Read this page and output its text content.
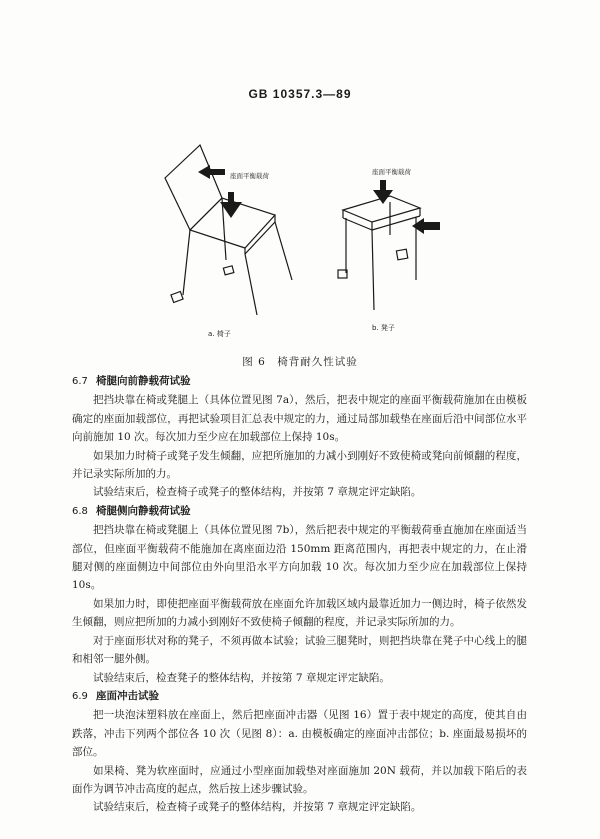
GB 10357.3—89
座面平衡载荷	座面平衡载荷
a. 椅子
b. 凳子
图 6　椅背耐久性试验

6.7 椅腿向前静载荷试验

把挡块靠在椅或凳腿上（具体位置见图 7a），然后，把表中规定的座面平衡载荷施加在由模板确定的座面加载部位，再把试验项目汇总表中规定的力，通过局部加载垫在座面后沿中间部位水平向前施加 10 次。每次加力至少应在加载部位上保持 10s。

如果加力时椅子或凳子发生倾翻，应把所施加的力减小到刚好不致使椅或凳向前倾翻的程度，并记录实际所加的力。

试验结束后，检查椅子或凳子的整体结构，并按第 7 章规定评定缺陷。

6.8 椅腿侧向静载荷试验

把挡块靠在椅或凳腿上（具体位置见图 7b），然后把表中规定的平衡载荷垂直施加在座面适当部位，但座面平衡载荷不能施加在离座面边沿 150mm 距离范围内，再把表中规定的力，在止滑腿对侧的座面侧边中间部位由外向里沿水平方向加载 10 次。每次加力至少应在加载部位上保持 10s。

如果加力时，即使把座面平衡载荷放在座面允许加载区域内最靠近加力一侧边时，椅子依然发生倾翻，则应把所加的力减小到刚好不致使椅子倾翻的程度，并记录实际所加的力。

对于座面形状对称的凳子，不须再做本试验；试验三腿凳时，则把挡块靠在凳子中心线上的腿和相邻一腿外侧。

试验结束后，检查凳子的整体结构，并按第 7 章规定评定缺陷。

6.9 座面冲击试验

把一块泡沫塑料放在座面上，然后把座面冲击器（见图 16）置于表中规定的高度，使其自由跌落，冲击下列两个部位各 10 次（见图 8）：a. 由模板确定的座面冲击部位；b. 座面最易损坏的部位。

如果椅、凳为软座面时，应通过小型座面加载垫对座面施加 20N 载荷，并以加载下陷后的表面作为调节冲击高度的起点，然后按上述步骤试验。

试验结束后，检查椅子或凳子的整体结构，并按第 7 章规定评定缺陷。
